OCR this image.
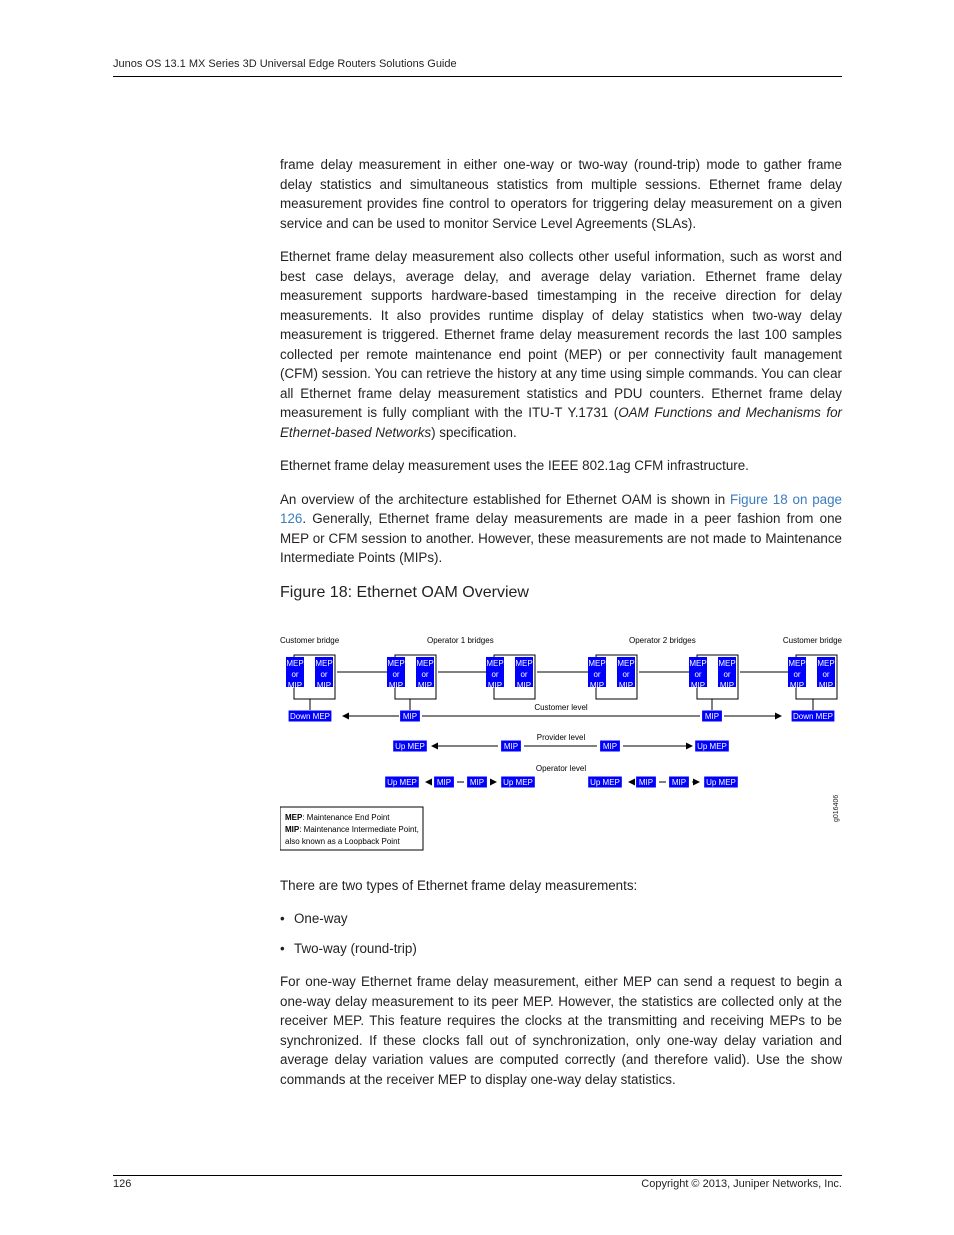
Junos OS 13.1 MX Series 3D Universal Edge Routers Solutions Guide

frame delay measurement in either one-way or two-way (round-trip) mode to gather frame delay statistics and simultaneous statistics from multiple sessions. Ethernet frame delay measurement provides fine control to operators for triggering delay measurement on a given service and can be used to monitor Service Level Agreements (SLAs).

Ethernet frame delay measurement also collects other useful information, such as worst and best case delays, average delay, and average delay variation. Ethernet frame delay measurement supports hardware-based timestamping in the receive direction for delay measurements. It also provides runtime display of delay statistics when two-way delay measurement is triggered. Ethernet frame delay measurement records the last 100 samples collected per remote maintenance end point (MEP) or per connectivity fault management (CFM) session. You can retrieve the history at any time using simple commands. You can clear all Ethernet frame delay measurement statistics and PDU counters. Ethernet frame delay measurement is fully compliant with the ITU-T Y.1731 (OAM Functions and Mechanisms for Ethernet-based Networks) specification.

Ethernet frame delay measurement uses the IEEE 802.1ag CFM infrastructure.

An overview of the architecture established for Ethernet OAM is shown in Figure 18 on page 126. Generally, Ethernet frame delay measurements are made in a peer fashion from one MEP or CFM session to another. However, these measurements are not made to Maintenance Intermediate Points (MIPs).

Figure 18: Ethernet OAM Overview
Customer bridge	Operator 1 bridges	Operator 2 bridges	Customer bridge
MEP
or
MIP
MEP
or
MIP
MEP
or
MIP
MEP
or
MIP
MEP
or
MIP
MEP
or
MIP
MEP
or
MIP
MEP
or
MIP
MEP
or
MIP
MEP
or
MIP
MEP
or
MIP
MEP
or
MIP
Down MEP	MIP	MIP	Down MEP
Customer level
Up MEP	MIP	MIP	Up MEP
Provider level
Up MEP MIP MIP Up MEP	Up MEP MIP MIP Up MEP
Operator level
MEP: Maintenance End Point
MIP: Maintenance Intermediate Point,
also known as a Loopback Point
g016406

There are two types of Ethernet frame delay measurements:

• One-way
• Two-way (round-trip)

For one-way Ethernet frame delay measurement, either MEP can send a request to begin a one-way delay measurement to its peer MEP. However, the statistics are collected only at the receiver MEP. This feature requires the clocks at the transmitting and receiving MEPs to be synchronized. If these clocks fall out of synchronization, only one-way delay variation and average delay variation values are computed correctly (and therefore valid). Use the show commands at the receiver MEP to display one-way delay statistics.

126	Copyright © 2013, Juniper Networks, Inc.
